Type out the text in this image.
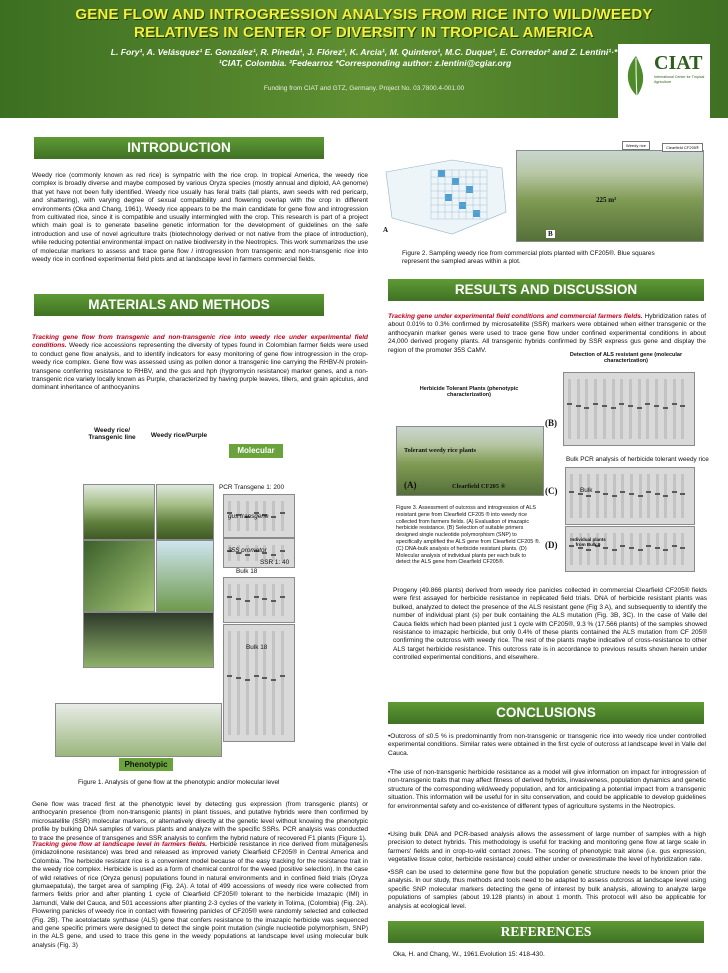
GENE FLOW AND INTROGRESSION ANALYSIS FROM RICE INTO WILD/WEEDY
RELATIVES IN CENTER OF DIVERSITY IN TROPICAL AMERICA
L. Fory¹, A. Velásquez¹ E. González¹, R. Pineda¹, J. Flórez¹, K. Arcia¹, M. Quintero¹, M.C. Duque¹, E. Corredor² and Z. Lentini¹·*
¹CIAT, Colombia. ²Fedearroz *Corresponding author: z.lentini@cgiar.org
Funding from CIAT and GTZ, Germany. Project No. 03.7800.4-001.00
CIAT
International Center for Tropical Agriculture
INTRODUCTION
Weedy rice (commonly known as red rice) is sympatric with the rice crop. In tropical America, the weedy rice complex is broadly diverse and maybe composed by various Oryza species (mostly annual and diploid, AA genome) that yet have not been fully identified. Weedy rice usually has feral traits (tall plants, awn seeds with red pericarp, and shattering), with varying degree of sexual compatibility and flowering overlap with the crop in different environments (Oka and Chang, 1961). Weedy rice appears to be the main candidate for gene flow and introgression from cultivated rice, since it is compatible and usually intermingled with the crop. This research is part of a project which main goal is to generate baseline genetic information for the development of guidelines on the safe introduction and use of novel agriculture traits (biotechnology derived or not native from the place of introduction), while reducing potential environmental impact on native biodiversity in the Neotropics. This work summarizes the use of molecular markers to assess and trace gene flow / introgression from transgenic and non-transgenic rice into weedy rice in confined experimental field plots and at landscape level in farmers commercial fields.
MATERIALS AND METHODS
Tracking gene flow from transgenic and non-transgenic rice into weedy rice under experimental field conditions. Weedy rice accessions representing the diversity of types found in Colombian farmer fields were used to conduct gene flow analysis, and to identify indicators for easy monitoring of gene flow introgression in the crop-weedy rice complex. Gene flow was assessed using as pollen donor a transgenic line carrying the RHBV-N protein-transgene conferring resistance to RHBV, and the gus and hph (hygromycin resistance) marker genes, and a non-transgenic rice variety locally known as Purple, characterized by having purple leaves, tillers, and grain apiculus, and dominant inheritance of anthocyanins
Weedy rice/ Transgenic line	Weedy rice/Purple
Molecular
Phenotypic
PCR Transgene 1: 200
gus transgene
35S promotor
SSR 1: 40
Bulk 18
Bulk 18
Figure 1. Analysis of gene flow at the phenotypic and/or molecular level
Gene flow was traced first at the phenotypic level by detecting gus expression (from transgenic plants) or anthocyanin presence (from non-transgenic plants) in plant tissues, and putative hybrids were then confirmed by microsatellite (SSR) molecular markers, or alternatively directly at the genetic level without knowing the phenotypic profile by bulking DNA samples of various plants and analyze with the specific SSRs. PCR analysis was conducted to trace the presence of transgenes and SSR analysis to confirm the hybrid nature of recovered F1 plants (Figure 1).
Tracking gene flow at landscape level in farmers fields. Herbicide resistance in rice derived from mutagenesis (imidazolinone resistance) was bred and released as improved variety Clearfield CF205® in Central America and Colombia. The herbicide resistant rice is a convenient model because of the easy tracking for the resistance trait in the weedy rice complex. Herbicide is used as a form of chemical control for the weed (positive selection). In the case of wild relatives of rice (Oryza genus) populations found in natural environments and in confined field trials (Oryza glumaepatula), the target area of sampling (Fig. 2A). A total of 499 accessions of weedy rice were collected from farmers fields prior and after planting 1 cycle of Clearfield CF205® tolerant to the herbicide Imazapic (IMI) in Jamundí, Valle del Cauca, and 501 accessions after planting 2-3 cycles of the variety in Tolima, (Colombia) (Fig. 2A). Flowering panicles of weedy rice in contact with flowering panicles of CF205® were randomly selected and collected (Fig. 2B). The acetolactate synthase (ALS) gene that confers resistance to the imazapic herbicide was sequenced and gene specific primers were designed to detect the single point mutation (single nucleotide polymorphism, SNP) in the ALS gene, and used to trace this gene in the weedy populations at landscape level using molecular bulk analysis (Fig. 3)
A
Weedy rice	Clearfield CF205®
225 m²
B
Figure 2. Sampling weedy rice from commercial plots planted with CF205®. Blue squares represent the sampled areas within a plot.
RESULTS AND DISCUSSION
Tracking gene under experimental field conditions and commercial farmers fields. Hybridization rates of about 0.01% to 0.3% confirmed by microsatellite (SSR) markers were obtained when either transgenic or the anthocyanin marker genes were used to trace gene flow under confined experimental conditions in about 24,000 derived progeny plants. All transgenic hybrids confirmed by SSR express gus gene and display the region of the promoter 35S CaMV.
Detection of ALS resistant gene (molecular characterization)
Herbicide Tolerant Plants (phenotypic characterization)
(B)
Tolerant weedy rice plants
(A)	Clearfield CF205 ®
Bulk PCR analysis of herbicide tolerant weedy rice
Bulk
(C)
Individual plants from Bulk 9
(D)
Figure 3. Assessment of outcross and introgression of ALS resistant gene from Clearfield CF205 ® into weedy rice collected from farmers fields. (A) Evaluation of imazapic herbicide resistance. (B) Selection of suitable primers designed single nucleotide polymorphism (SNP) to specifically amplified the ALS gene from Clearfield CF205 ®. (C) DNA-bulk analysis of herbicide resistant plants. (D) Molecular analysis of individual plants per each bulk to detect the ALS gene from Clearfield CF205®.
Progeny (49.866 plants) derived from weedy rice panicles collected in commercial Clearfield CF205® fields were first assayed for herbicide resistance in replicated field trials. DNA of herbicide resistant plants was bulked, analyzed to detect the presence of the ALS resistant gene (Fig 3 A), and subsequently to identify the number of individual plant (s) per bulk containing the ALS mutation (Fig. 3B, 3C). In the case of Valle del Cauca fields which had been planted just 1 cycle with CF205®, 9.3 % (17.566 plants) of the samples showed resistance to imazapic herbicide, but only 0.4% of these plants contained the ALS mutation from CF 205® confirming the outcross with weedy rice. The rest of the plants maybe indicative of cross-resistance to other ALS target herbicide resistance. This outcross rate is in accordance to previous results shown herein under controlled experimental conditions, and elsewhere.
CONCLUSIONS
•Outcross of ≤0.5 % is predominantly from non-transgenic or transgenic rice into weedy rice under controlled experimental conditions. Similar rates were obtained in the first cycle of outcross at landscape level in Valle del Cauca.
•The use of non-transgenic herbicide resistance as a model will give information on impact for introgression of non-transgenic traits that may affect fitness of derived hybrids, invasiveness, population dynamics and genetic structure of the corresponding wild/weedy population, and for anticipating a potential impact from a transgenic situation. This information will be useful for in situ conservation, and could be applicable to develop guidelines for environmental safety and co-existence of different types of agriculture systems in the Neotropics.
•Using bulk DNA and PCR-based analysis allows the assessment of large number of samples with a high precision to detect hybrids. This methodology is useful for tracking and monitoring gene flow at large scale in farmers' fields and in crop-to-wild contact zones. The scoring of phenotypic trait alone (i.e. gus expression, vegetative tissue color, herbicide resistance) could either under or overestimate the level of hybridization rate.
•SSR can be used to determine gene flow but the population genetic structure needs to be known prior the analysis. In our study, thus methods and tools need to be adapted to assess outcross at landscape level using specific SNP molecular markers detecting the gene of interest by bulk analysis, allowing to analyze large populations of samples (about 19.128 plants) in about 1 month. This protocol will also be applicable for analysis at ecological level.
REFERENCES
Oka, H. and Chang, W., 1961.Evolution 15: 418-430.
